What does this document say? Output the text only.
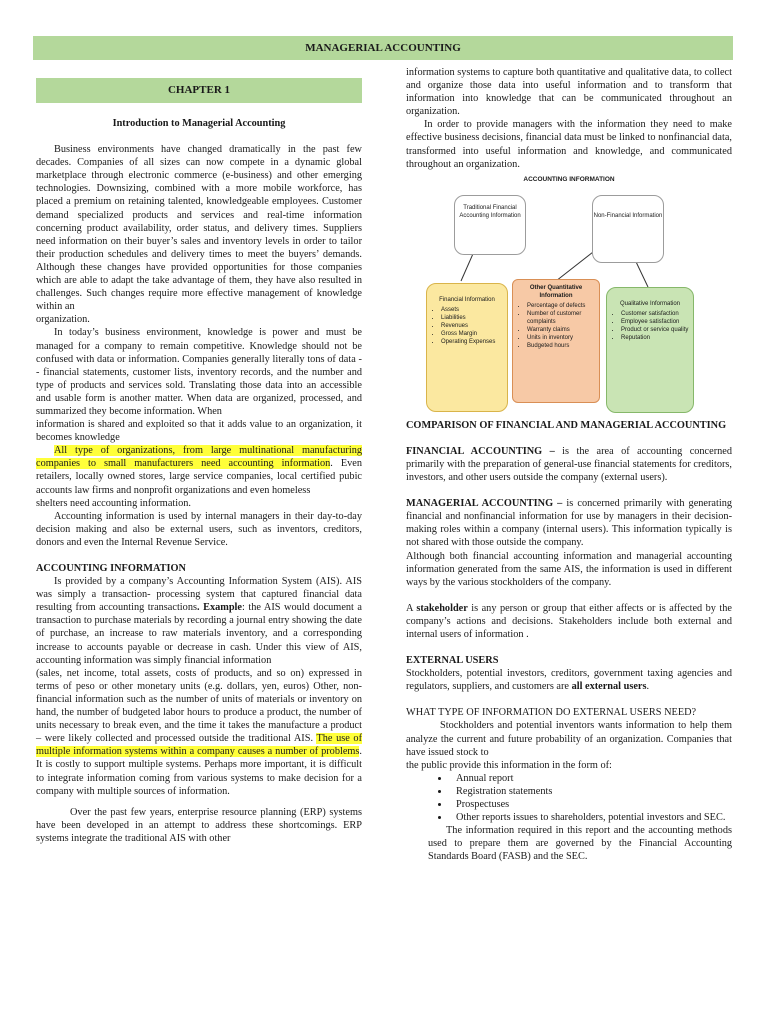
MANAGERIAL ACCOUNTING
CHAPTER 1

Introduction to Managerial Accounting

Business environments have changed dramatically in the past few decades. Companies of all sizes can now compete in a dynamic global marketplace through electronic commerce (e-business) and other emerging technologies. Downsizing, combined with a more mobile workforce, has placed a premium on retaining talented, knowledgeable employees. Customer demand specialized products and services and real-time information concerning product availability, order status, and delivery times. Suppliers need information on their buyer’s sales and inventory levels in order to tailor their production schedules and delivery times to meet the buyers’ demands. Although these changes have provided opportunities for those companies which are able to adapt the take advantage of them, they have also resulted in challenges. Such changes require more effective management of knowledge within an

organization.

In today’s business environment, knowledge is power and must be managed for a company to remain competitive. Knowledge should not be confused with data or information. Companies generally literally tons of data - - financial statements, customer lists, inventory records, and the number and type of products and services sold. Translating those data into an accessible and usable form is another matter. When data are organized, processed, and summarized they become information. When

information is shared and exploited so that it adds value to an organization, it becomes knowledge

All type of organizations, from large multinational manufacturing companies to small manufacturers need accounting information. Even retailers, locally owned stores, large service companies, local certified pubic accounts law firms and nonprofit organizations and even homeless

shelters need accounting information.

Accounting information is used by internal managers in their day-to-day decision making and also be external users, such as inventors, creditors, donors and even the Internal Revenue Service.

ACCOUNTING INFORMATION

Is provided by a company’s Accounting Information System (AIS). AIS was simply a transaction- processing system that captured financial data resulting from accounting transactions. Example: the AIS would document a transaction to purchase materials by recording a journal entry showing the date of purchase, an increase to raw materials inventory, and a corresponding increase to accounts payable or decrease in cash. Under this view of AIS, accounting information was simply financial information

(sales, net income, total assets, costs of products, and so on) expressed in terms of peso or other monetary units (e.g. dollars, yen, euros) Other, non-financial information such as the number of units of materials or inventory on hand, the number of budgeted labor hours to produce a product, the number of units necessary to break even, and the time it takes the manufacture a product – were likely collected and processed outside the traditional AIS. The use of multiple information systems within a company causes a number of problems. It is costly to support multiple systems. Perhaps more important, it is difficult to integrate information coming from various systems to make decision for a company with multiple sources of information.

Over the past few years, enterprise resource planning (ERP) systems have been developed in an attempt to address these shortcomings. ERP systems integrate the traditional AIS with other

information systems to capture both quantitative and qualitative data, to collect and organize those data into useful information and to transform that information into knowledge that can be communicated throughout an organization.

In order to provide managers with the information they need to make effective business decisions, financial data must be linked to nonfinancial data, transformed into useful information and knowledge, and communicated throughout an organization.

ACCOUNTING INFORMATION
Traditional Financial Accounting Information	Non-Financial Information
Financial Information
• Assets
• Liabilities
• Revenues
• Gross Margin
• Operating Expenses
Other Quantitative Information
• Percentage of defects
• Number of customer complaints
• Warranty claims
• Units in inventory
• Budgeted hours
Qualitative Information
• Customer satisfaction
• Employee satisfaction
• Product or service quality
• Reputation

COMPARISON OF FINANCIAL AND MANAGERIAL ACCOUNTING

FINANCIAL ACCOUNTING – is the area of accounting concerned primarily with the preparation of general-use financial statements for creditors, investors, and other users outside the company (external users).

MANAGERIAL ACCOUNTING – is concerned primarily with generating financial and nonfinancial information for use by managers in their decision-making roles within a company (internal users). This information typically is not shared with those outside the company.

Although both financial accounting information and managerial accounting information generated from the same AIS, the information is used in different ways by the various stockholders of the company.

A stakeholder is any person or group that either affects or is affected by the company’s actions and decisions. Stakeholders include both external and internal users of information .

EXTERNAL USERS

Stockholders, potential investors, creditors, government taxing agencies and regulators, suppliers, and customers are all external users.

WHAT TYPE OF INFORMATION DO EXTERNAL USERS NEED?

Stockholders and potential inventors wants information to help them analyze the current and future probability of an organization. Companies that have issued stock to

the public provide this information in the form of:

• Annual report
• Registration statements
• Prospectuses
• Other reports issues to shareholders, potential investors and SEC.

The information required in this report and the accounting methods used to prepare them are governed by the Financial Accounting Standards Board (FASB) and the SEC.
